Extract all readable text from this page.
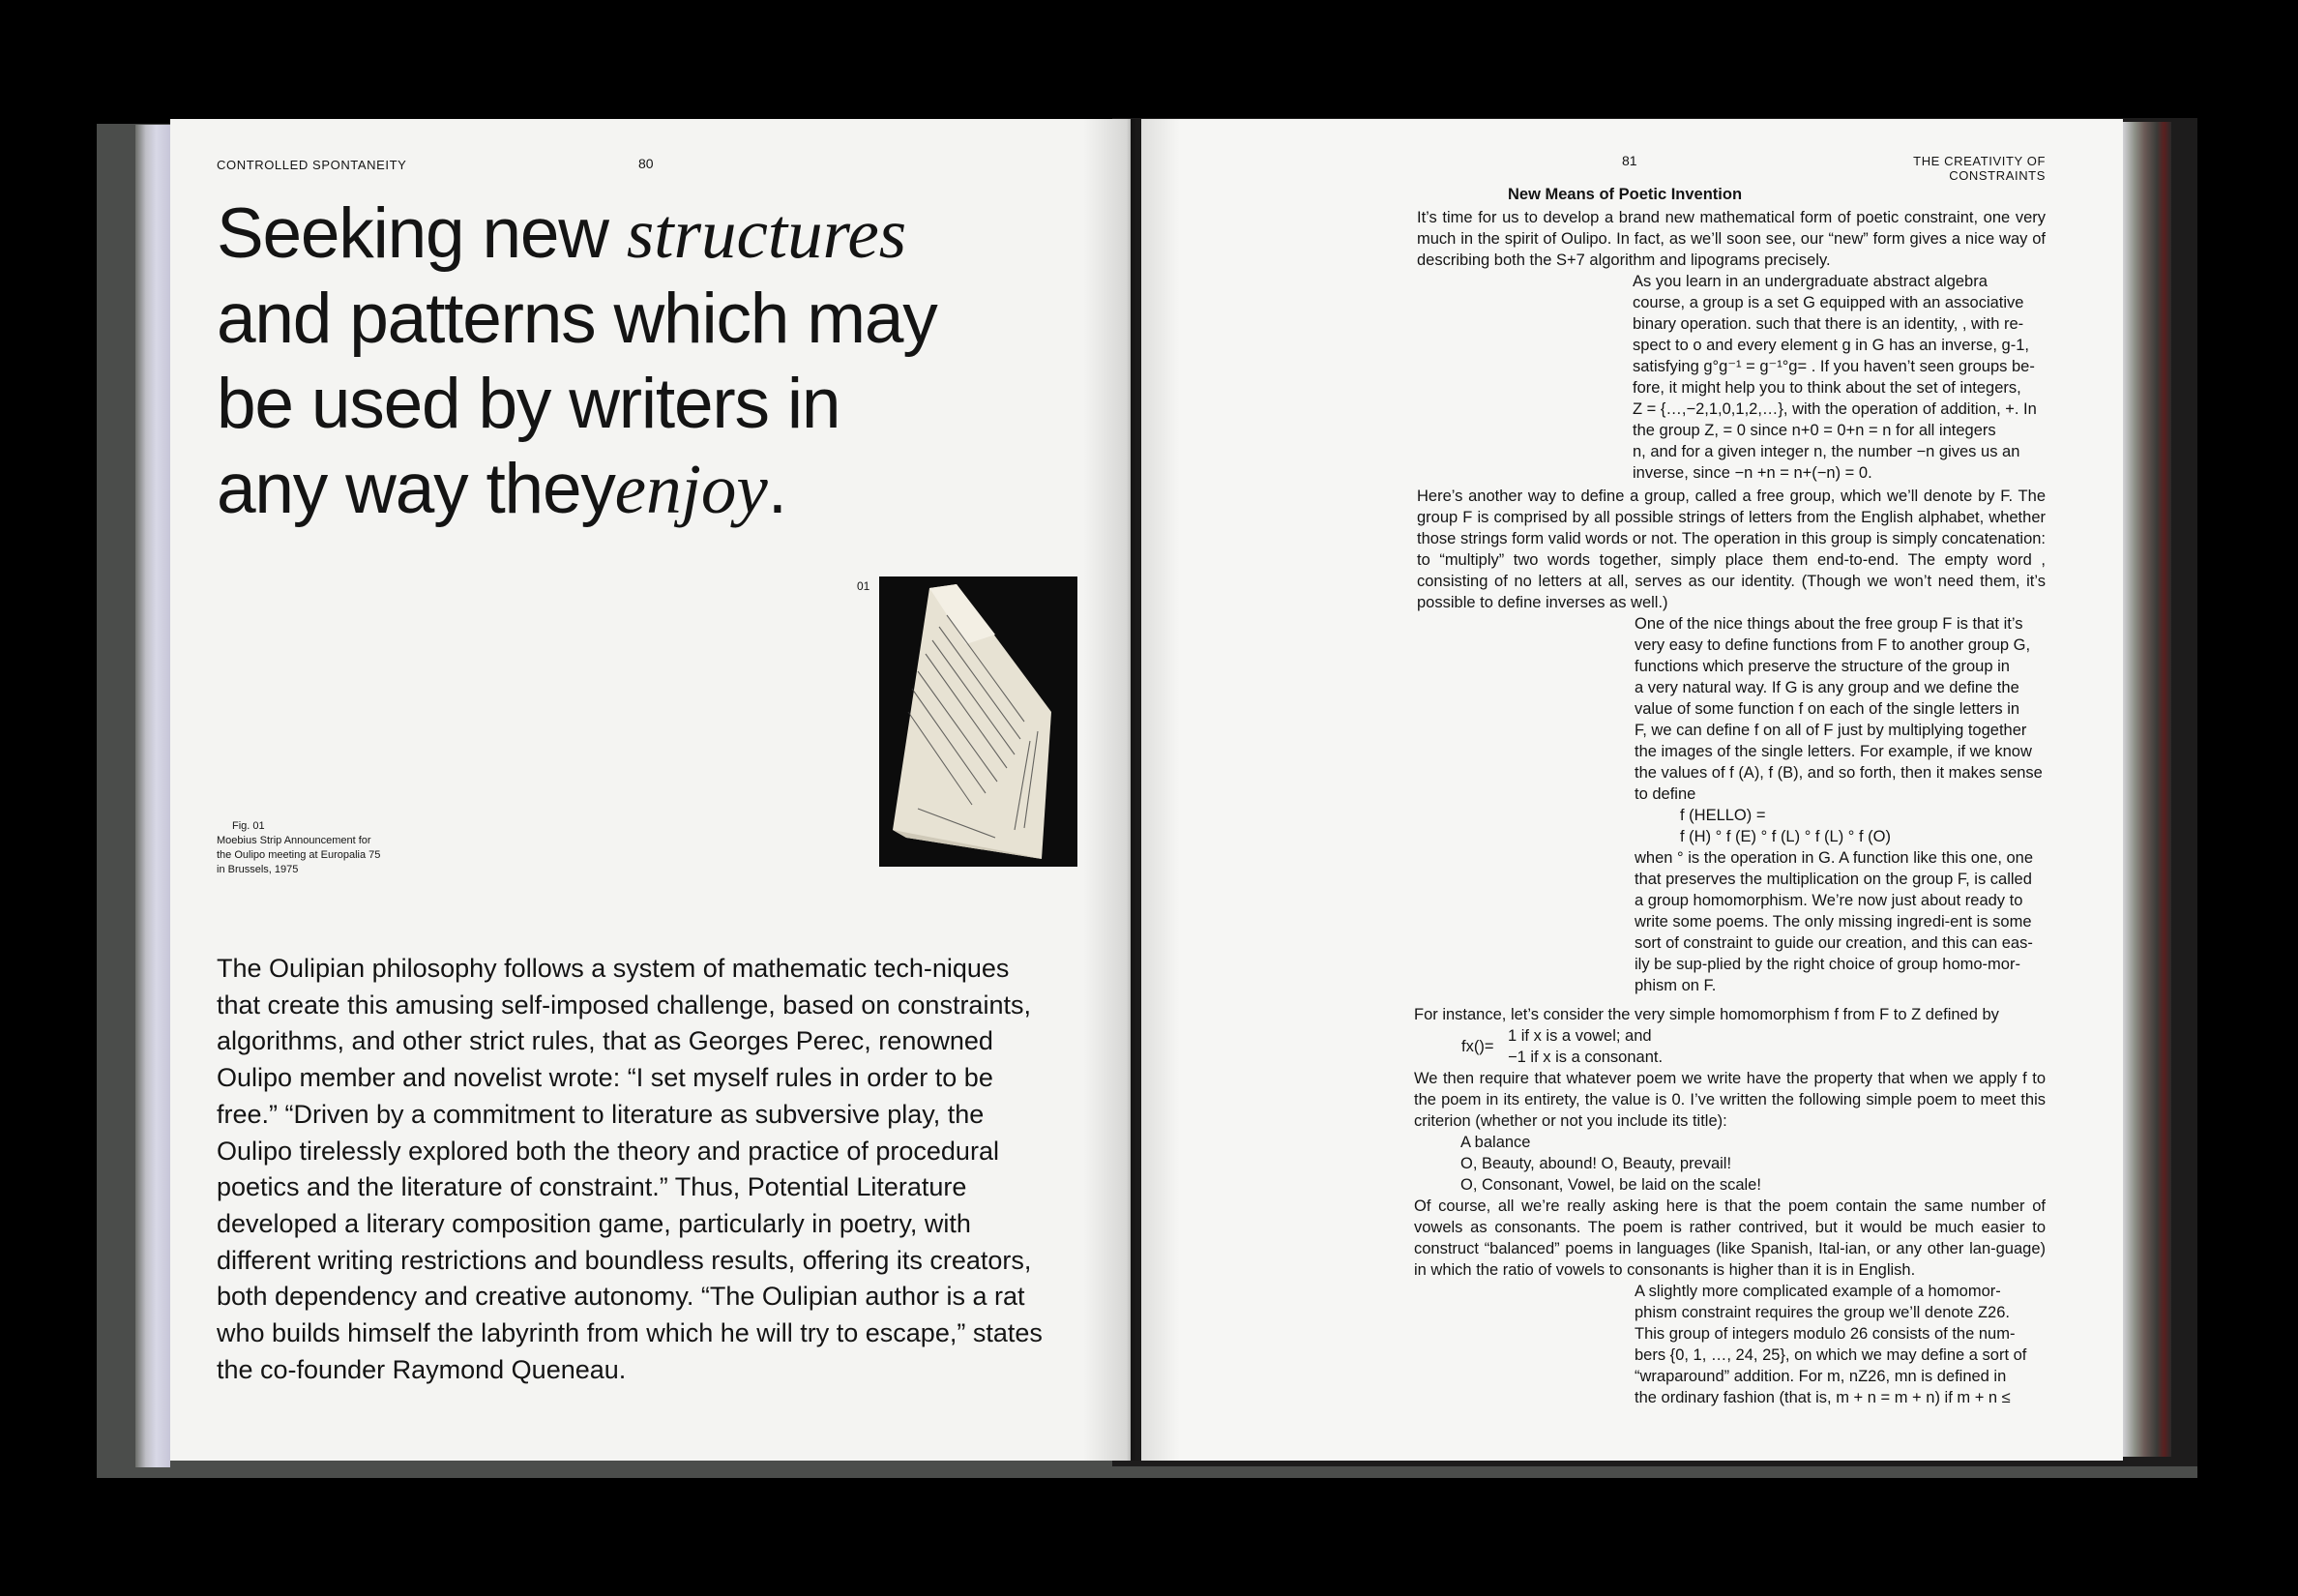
CONTROLLED SPONTANEITY	80
Seeking new structures
and patterns which may
be used by writers in
any way theyenjoy.
01
Fig. 01
Moebius Strip Announcement for
the Oulipo meeting at Europalia 75
in Brussels, 1975

The Oulipian philosophy follows a system of mathematic tech-niques that create this amusing self-imposed challenge, based on constraints, algorithms, and other strict rules, that as Georges Perec, renowned Oulipo member and novelist wrote: “I set myself rules in order to be free.” “Driven by a commitment to literature as subversive play, the Oulipo tirelessly explored both the theory and practice of procedural poetics and the literature of constraint.” Thus, Potential Literature developed a literary composition game, particularly in poetry, with different writing restrictions and boundless results, offering its creators, both dependency and creative autonomy. “The Oulipian author is a rat who builds himself the labyrinth from which he will try to escape,” states the co-founder Raymond Queneau.

81	THE CREATIVITY OF CONSTRAINTS
New Means of Poetic Invention

It’s time for us to develop a brand new mathematical form of poetic constraint, one very much in the spirit of Oulipo. In fact, as we’ll soon see, our “new” form gives a nice way of describing both the S+7 algorithm and lipograms precisely.

As you learn in an undergraduate abstract algebra
course, a group is a set G equipped with an associative
binary operation. such that there is an identity, , with re-
spect to o and every element g in G has an inverse, g-1,
satisfying g°g⁻¹ = g⁻¹°g= . If you haven’t seen groups be-
fore, it might help you to think about the set of integers,
Z = {…,−2,1,0,1,2,…}, with the operation of addition, +. In
the group Z, = 0 since n+0 = 0+n = n for all integers
n, and for a given integer n, the number −n gives us an
inverse, since −n +n = n+(−n) = 0.

Here’s another way to define a group, called a free group, which we’ll denote by F. The group F is comprised by all possible strings of letters from the English alphabet, whether those strings form valid words or not. The operation in this group is simply concatenation: to “multiply” two words together, simply place them end-to-end. The empty word , consisting of no letters at all, serves as our identity. (Though we won’t need them, it’s possible to define inverses as well.)

One of the nice things about the free group F is that it’s
very easy to define functions from F to another group G,
functions which preserve the structure of the group in
a very natural way. If G is any group and we define the
value of some function f on each of the single letters in
F, we can define f on all of F just by multiplying together
the images of the single letters. For example, if we know
the values of f (A), f (B), and so forth, then it makes sense
to define
f (HELLO) =
f (H) ° f (E) ° f (L) ° f (L) ° f (O)
when ° is the operation in G. A function like this one, one
that preserves the multiplication on the group F, is called
a group homomorphism. We’re now just about ready to
write some poems. The only missing ingredi-ent is some
sort of constraint to guide our creation, and this can eas-
ily be sup-plied by the right choice of group homo-mor-
phism on F.
For instance, let’s consider the very simple homomorphism f from F to Z defined by
fx()=
1 if x is a vowel; and
−1 if x is a consonant.

We then require that whatever poem we write have the property that when we apply f to the poem in its entirety, the value is 0. I’ve written the following simple poem to meet this criterion (whether or not you include its title):

A balance
O, Beauty, abound! O, Beauty, prevail!
O, Consonant, Vowel, be laid on the scale!

Of course, all we’re really asking here is that the poem contain the same number of vowels as consonants. The poem is rather contrived, but it would be much easier to construct “balanced” poems in languages (like Spanish, Ital-ian, or any other lan-guage) in which the ratio of vowels to consonants is higher than it is in English.

A slightly more complicated example of a homomor-
phism constraint requires the group we’ll denote Z26.
This group of integers modulo 26 consists of the num-
bers {0, 1, …, 24, 25}, on which we may define a sort of
“wraparound” addition. For m, nZ26, mn is defined in
the ordinary fashion (that is, m + n = m + n) if m + n ≤
